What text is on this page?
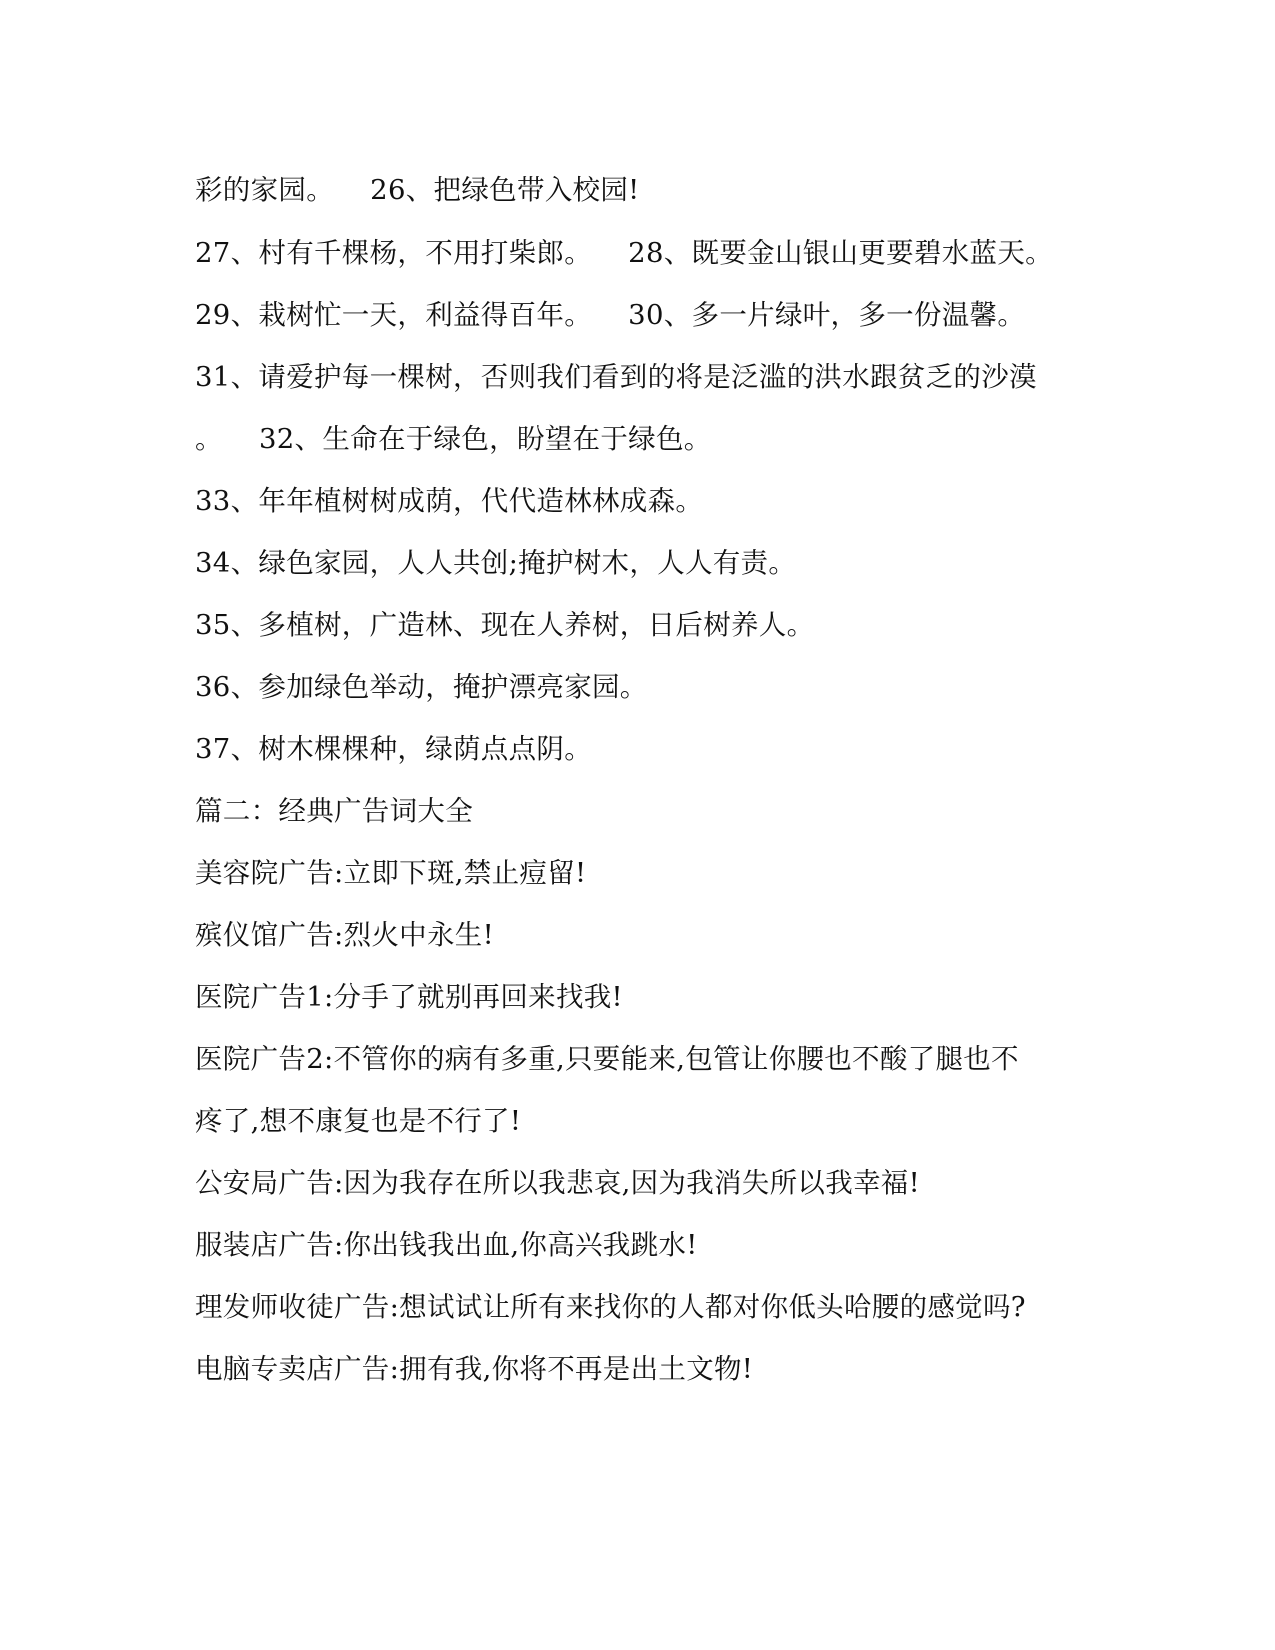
彩的家园。    26、把绿色带入校园!
27、村有千棵杨，不用打柴郎。    28、既要金山银山更要碧水蓝天。
29、栽树忙一天，利益得百年。    30、多一片绿叶，多一份温馨。
31、请爱护每一棵树，否则我们看到的将是泛滥的洪水跟贫乏的沙漠
。    32、生命在于绿色，盼望在于绿色。
33、年年植树树成荫，代代造林林成森。
34、绿色家园，人人共创;掩护树木，人人有责。
35、多植树，广造林、现在人养树，日后树养人。
36、参加绿色举动，掩护漂亮家园。
37、树木棵棵种，绿荫点点阴。
篇二：经典广告词大全
美容院广告:立即下斑,禁止痘留!
殡仪馆广告:烈火中永生!
医院广告1:分手了就别再回来找我!
医院广告2:不管你的病有多重,只要能来,包管让你腰也不酸了腿也不
疼了,想不康复也是不行了!
公安局广告:因为我存在所以我悲哀,因为我消失所以我幸福!
服装店广告:你出钱我出血,你高兴我跳水!
理发师收徒广告:想试试让所有来找你的人都对你低头哈腰的感觉吗?
电脑专卖店广告:拥有我,你将不再是出土文物!
